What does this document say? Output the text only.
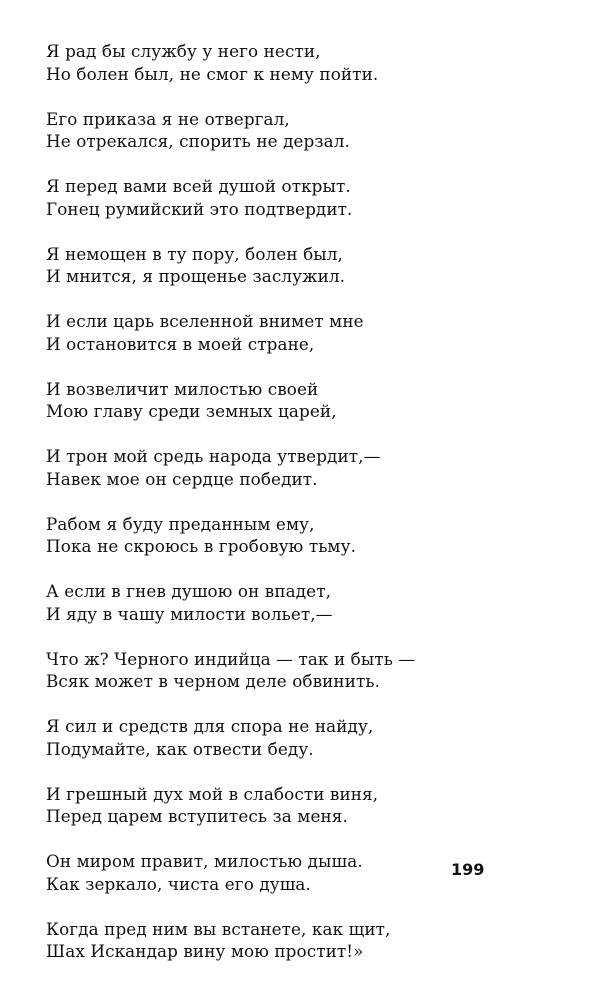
Я рад бы службу у него нести,
Но болен был, не смог к нему пойти.
Его приказа я не отвергал,
Не отрекался, спорить не дерзал.
Я перед вами всей душой открыт.
Гонец румийский это подтвердит.
Я немощен в ту пору, болен был,
И мнится, я прощенье заслужил.
И если царь вселенной внимет мне
И остановится в моей стране,
И возвеличит милостью своей
Мою главу среди земных царей,
И трон мой средь народа утвердит,—
Навек мое он сердце победит.
Рабом я буду преданным ему,
Пока не скроюсь в гробовую тьму.
А если в гнев душою он впадет,
И яду в чашу милости вольет,—
Что ж? Черного индийца — так и быть —
Всяк может в черном деле обвинить.
Я сил и средств для спора не найду,
Подумайте, как отвести беду.
И грешный дух мой в слабости виня,
Перед царем вступитесь за меня.
Он миром правит, милостью дыша.
Как зеркало, чиста его душа.
Когда пред ним вы встанете, как щит,
Шах Искандар вину мою простит!»
199
